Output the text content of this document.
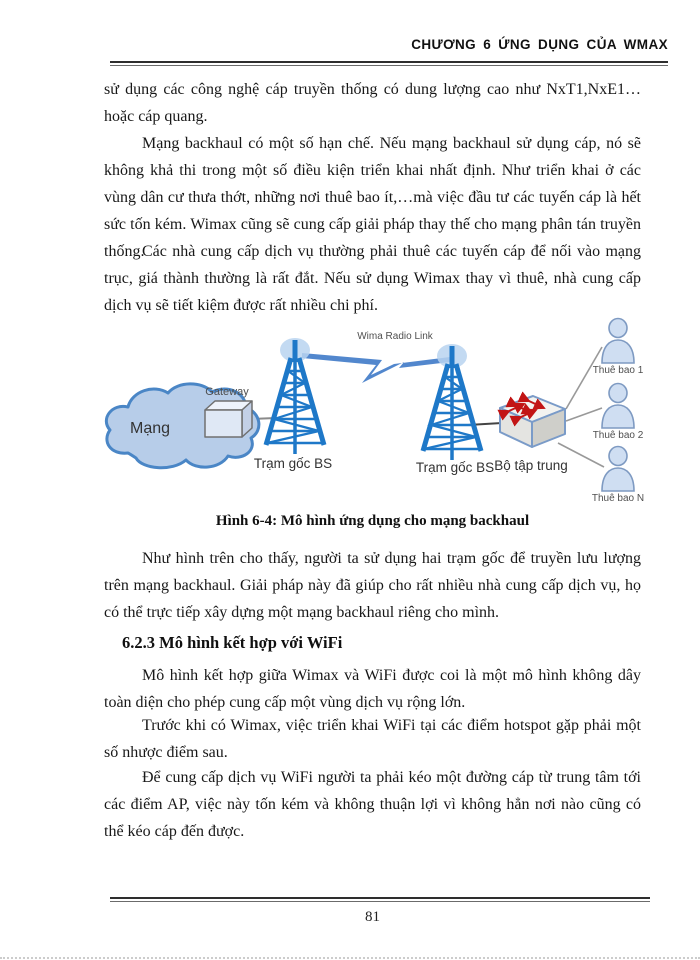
CHƯƠNG 6 ỨNG DỤNG CỦA WMAX

sử dụng các công nghệ cáp truyền thống có dung lượng cao như NxT1,NxE1… hoặc cáp quang.

Mạng backhaul có một số hạn chế. Nếu mạng backhaul sử dụng cáp, nó sẽ không khả thi trong một số điều kiện triển khai nhất định. Như triển khai ở các vùng dân cư thưa thớt, những nơi thuê bao ít,…mà việc đầu tư các tuyến cáp là hết sức tốn kém. Wimax cũng sẽ cung cấp giải pháp thay thế cho mạng phân tán truyền thống.

Các nhà cung cấp dịch vụ thường phải thuê các tuyến cáp để nối vào mạng trục, giá thành thường là rất đắt. Nếu sử dụng Wimax thay vì thuê, nhà cung cấp dịch vụ sẽ tiết kiệm được rất nhiều chi phí.

Mạng
Gateway
Wima Radio Link
Trạm gốc BS	Trạm gốc BS Bộ tập trung
Thuê bao 1
Thuê bao 2
Thuê bao N

Hình 6-4: Mô hình ứng dụng cho mạng backhaul

Như hình trên cho thấy, người ta sử dụng hai trạm gốc để truyền lưu lượng trên mạng backhaul. Giải pháp này đã giúp cho rất nhiều nhà cung cấp dịch vụ, họ có thể trực tiếp xây dựng một mạng backhaul riêng cho mình.

6.2.3 Mô hình kết hợp với WiFi

Mô hình kết hợp giữa Wimax và WiFi được coi là một mô hình không dây toàn diện cho phép cung cấp một vùng dịch vụ rộng lớn.

Trước khi có Wimax, việc triển khai WiFi tại các điểm hotspot gặp phải một số nhược điểm sau.

Để cung cấp dịch vụ WiFi người ta phải kéo một đường cáp từ trung tâm tới các điểm AP, việc này tốn kém và không thuận lợi vì không hẳn nơi nào cũng có thể kéo cáp đến được.

81
